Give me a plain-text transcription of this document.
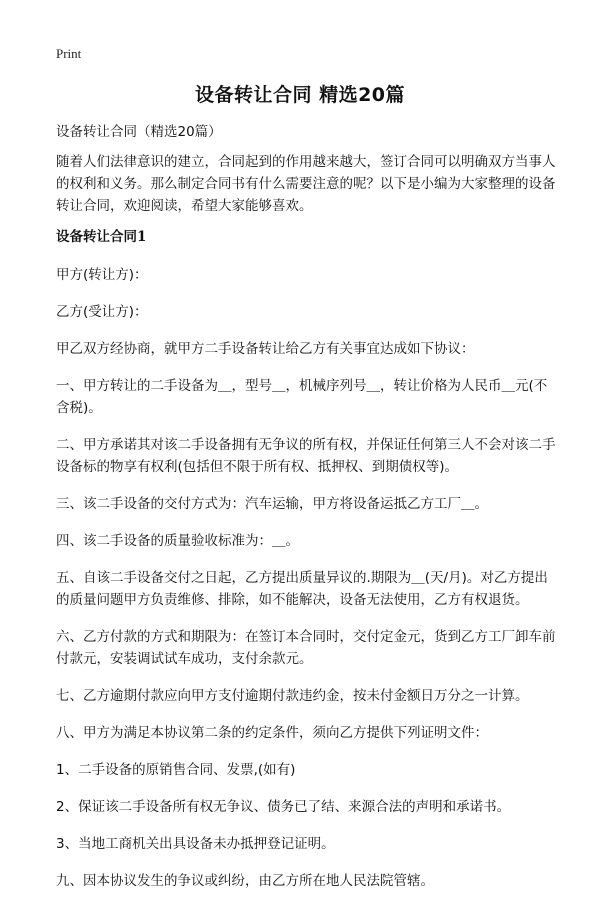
Print
设备转让合同 精选20篇

设备转让合同（精选20篇）

随着人们法律意识的建立，合同起到的作用越来越大，签订合同可以明确双方当事人的权利和义务。那么制定合同书有什么需要注意的呢？以下是小编为大家整理的设备转让合同，欢迎阅读，希望大家能够喜欢。

设备转让合同1

甲方(转让方)：

乙方(受让方)：

甲乙双方经协商，就甲方二手设备转让给乙方有关事宜达成如下协议：

一、甲方转让的二手设备为＿，型号＿，机械序列号＿，转让价格为人民币＿元(不含税)。

二、甲方承诺其对该二手设备拥有无争议的所有权，并保证任何第三人不会对该二手设备标的物享有权利(包括但不限于所有权、抵押权、到期债权等)。

三、该二手设备的交付方式为：汽车运输，甲方将设备运抵乙方工厂＿。

四、该二手设备的质量验收标准为：＿。

五、自该二手设备交付之日起，乙方提出质量异议的.期限为＿(天/月)。对乙方提出的质量问题甲方负责维修、排除，如不能解决，设备无法使用，乙方有权退货。

六、乙方付款的方式和期限为：在签订本合同时，交付定金元，货到乙方工厂卸车前付款元，安装调试试车成功，支付余款元。

七、乙方逾期付款应向甲方支付逾期付款违约金，按未付金额日万分之一计算。

八、甲方为满足本协议第二条的约定条件，须向乙方提供下列证明文件：

1、二手设备的原销售合同、发票,(如有)

2、保证该二手设备所有权无争议、债务已了结、来源合法的声明和承诺书。

3、当地工商机关出具设备未办抵押登记证明。

九、因本协议发生的争议或纠纷，由乙方所在地人民法院管辖。
